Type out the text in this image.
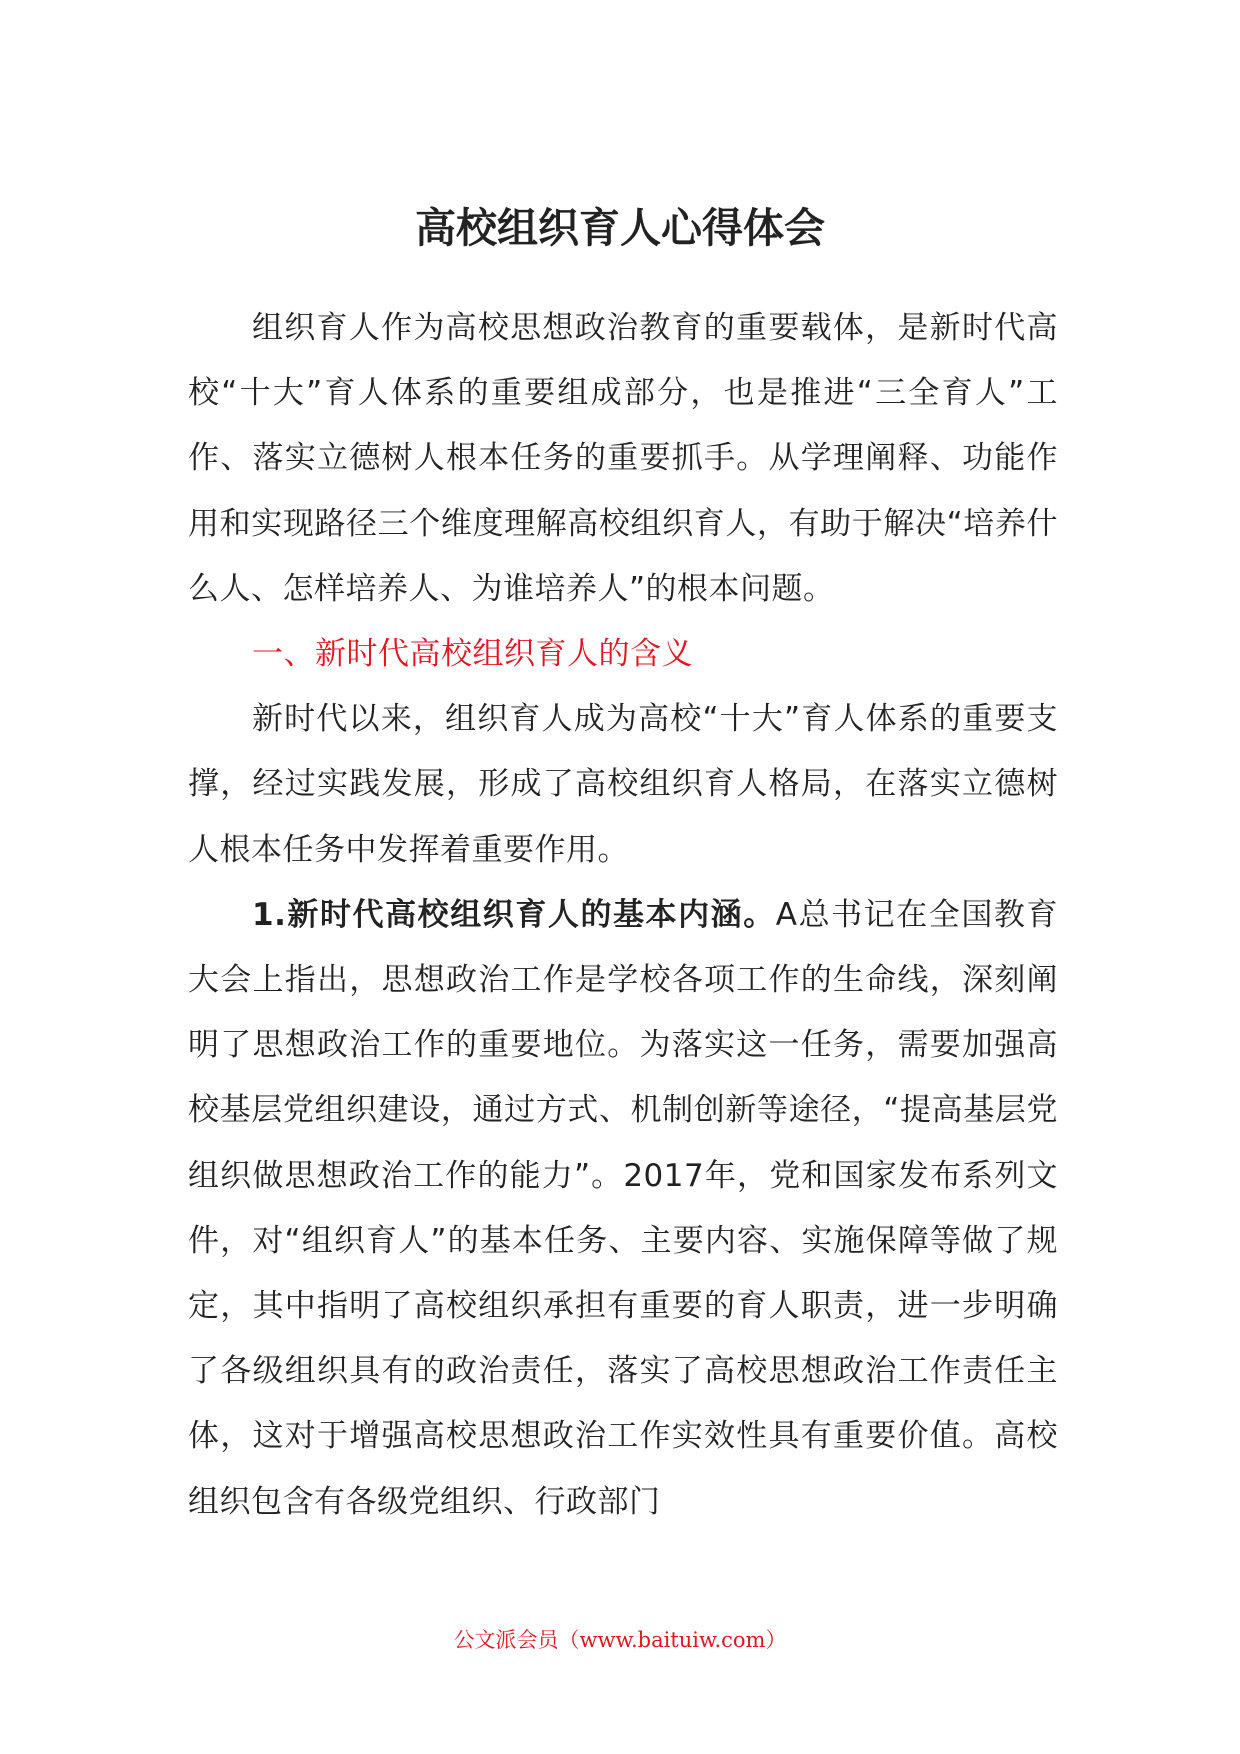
高校组织育人心得体会

组织育人作为高校思想政治教育的重要载体，是新时代高校“十大”育人体系的重要组成部分，也是推进“三全育人”工作、落实立德树人根本任务的重要抓手。从学理阐释、功能作用和实现路径三个维度理解高校组织育人，有助于解决“培养什么人、怎样培养人、为谁培养人”的根本问题。

一、新时代高校组织育人的含义

新时代以来，组织育人成为高校“十大”育人体系的重要支撑，经过实践发展，形成了高校组织育人格局，在落实立德树人根本任务中发挥着重要作用。

1.新时代高校组织育人的基本内涵。A总书记在全国教育大会上指出，思想政治工作是学校各项工作的生命线，深刻阐明了思想政治工作的重要地位。为落实这一任务，需要加强高校基层党组织建设，通过方式、机制创新等途径，“提高基层党组织做思想政治工作的能力”。2017年，党和国家发布系列文件，对“组织育人”的基本任务、主要内容、实施保障等做了规定，其中指明了高校组织承担有重要的育人职责，进一步明确了各级组织具有的政治责任，落实了高校思想政治工作责任主体，这对于增强高校思想政治工作实效性具有重要价值。高校组织包含有各级党组织、行政部门

公文派会员（www.baituiw.com）
